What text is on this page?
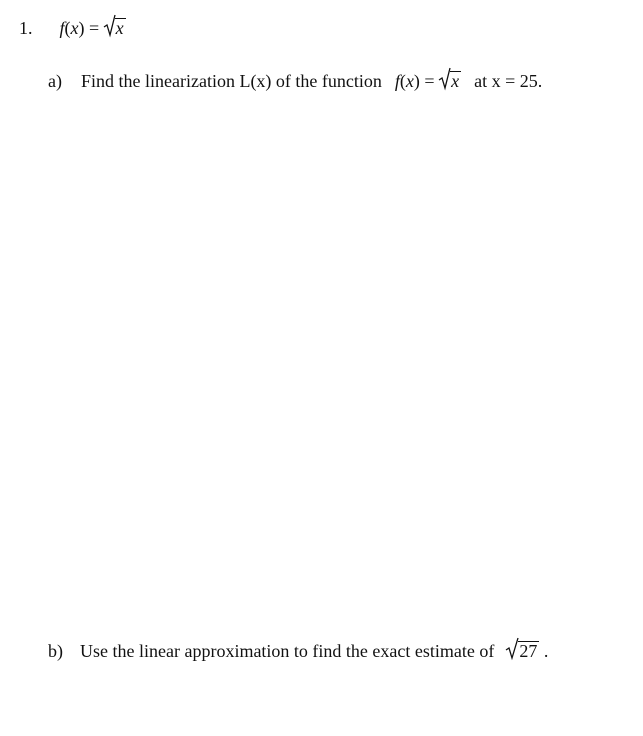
1. f(x) = x
a) Find the linearization L(x) of the function f(x) = x at x = 25.
b) Use the linear approximation to find the exact estimate of 27 .
